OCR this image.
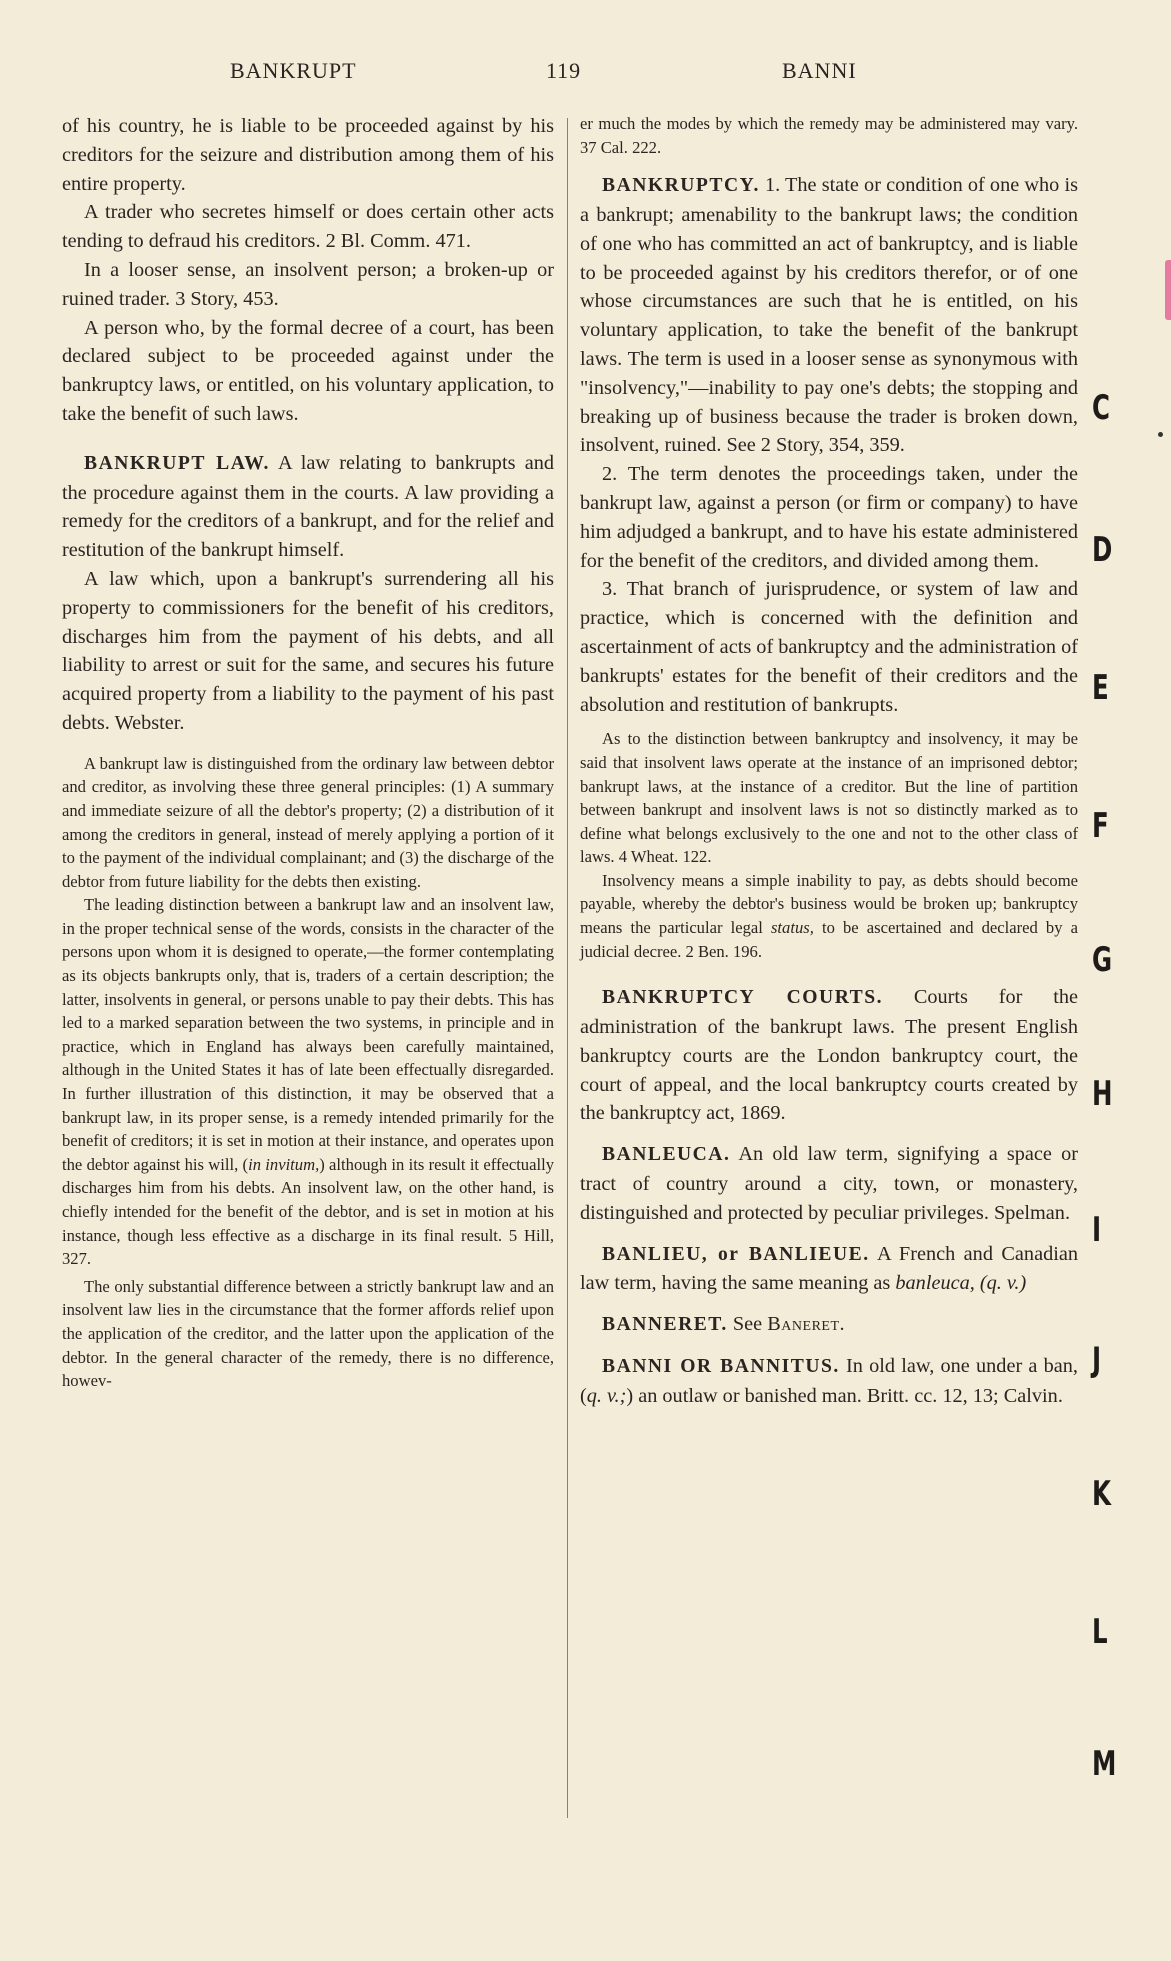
BANKRUPT	119	BANNI

of his country, he is liable to be proceeded against by his creditors for the seizure and distribution among them of his entire property.

A trader who secretes himself or does certain other acts tending to defraud his creditors. 2 Bl. Comm. 471.

In a looser sense, an insolvent person; a broken-up or ruined trader. 3 Story, 453.

A person who, by the formal decree of a court, has been declared subject to be proceeded against under the bankruptcy laws, or entitled, on his voluntary application, to take the benefit of such laws.

BANKRUPT LAW. A law relating to bankrupts and the procedure against them in the courts. A law providing a remedy for the creditors of a bankrupt, and for the relief and restitution of the bankrupt himself.

A law which, upon a bankrupt's surrendering all his property to commissioners for the benefit of his creditors, discharges him from the payment of his debts, and all liability to arrest or suit for the same, and secures his future acquired property from a liability to the payment of his past debts. Webster.

A bankrupt law is distinguished from the ordinary law between debtor and creditor, as involving these three general principles: (1) A summary and immediate seizure of all the debtor's property; (2) a distribution of it among the creditors in general, instead of merely applying a portion of it to the payment of the individual complainant; and (3) the discharge of the debtor from future liability for the debts then existing.

The leading distinction between a bankrupt law and an insolvent law, in the proper technical sense of the words, consists in the character of the persons upon whom it is designed to operate,—the former contemplating as its objects bankrupts only, that is, traders of a certain description; the latter, insolvents in general, or persons unable to pay their debts. This has led to a marked separation between the two systems, in principle and in practice, which in England has always been carefully maintained, although in the United States it has of late been effectually disregarded. In further illustration of this distinction, it may be observed that a bankrupt law, in its proper sense, is a remedy intended primarily for the benefit of creditors; it is set in motion at their instance, and operates upon the debtor against his will, (in invitum,) although in its result it effectually discharges him from his debts. An insolvent law, on the other hand, is chiefly intended for the benefit of the debtor, and is set in motion at his instance, though less effective as a discharge in its final result. 5 Hill, 327.

The only substantial difference between a strictly bankrupt law and an insolvent law lies in the circumstance that the former affords relief upon the application of the creditor, and the latter upon the application of the debtor. In the general character of the remedy, there is no difference, howev-

er much the modes by which the remedy may be administered may vary. 37 Cal. 222.

BANKRUPTCY. 1. The state or condition of one who is a bankrupt; amenability to the bankrupt laws; the condition of one who has committed an act of bankruptcy, and is liable to be proceeded against by his creditors therefor, or of one whose circumstances are such that he is entitled, on his voluntary application, to take the benefit of the bankrupt laws. The term is used in a looser sense as synonymous with "insolvency,"—inability to pay one's debts; the stopping and breaking up of business because the trader is broken down, insolvent, ruined. See 2 Story, 354, 359.

2. The term denotes the proceedings taken, under the bankrupt law, against a person (or firm or company) to have him adjudged a bankrupt, and to have his estate administered for the benefit of the creditors, and divided among them.

3. That branch of jurisprudence, or system of law and practice, which is concerned with the definition and ascertainment of acts of bankruptcy and the administration of bankrupts' estates for the benefit of their creditors and the absolution and restitution of bankrupts.

As to the distinction between bankruptcy and insolvency, it may be said that insolvent laws operate at the instance of an imprisoned debtor; bankrupt laws, at the instance of a creditor. But the line of partition between bankrupt and insolvent laws is not so distinctly marked as to define what belongs exclusively to the one and not to the other class of laws. 4 Wheat. 122.

Insolvency means a simple inability to pay, as debts should become payable, whereby the debtor's business would be broken up; bankruptcy means the particular legal status, to be ascertained and declared by a judicial decree. 2 Ben. 196.

BANKRUPTCY COURTS. Courts for the administration of the bankrupt laws. The present English bankruptcy courts are the London bankruptcy court, the court of appeal, and the local bankruptcy courts created by the bankruptcy act, 1869.

BANLEUCA. An old law term, signifying a space or tract of country around a city, town, or monastery, distinguished and protected by peculiar privileges. Spelman.

BANLIEU, or BANLIEUE. A French and Canadian law term, having the same meaning as banleuca, (q. v.)

BANNERET. See Baneret.

BANNI OR BANNITUS. In old law, one under a ban, (q. v.;) an outlaw or banished man. Britt. cc. 12, 13; Calvin.

C
D
E
F
G
H
I
J
K
L
M
